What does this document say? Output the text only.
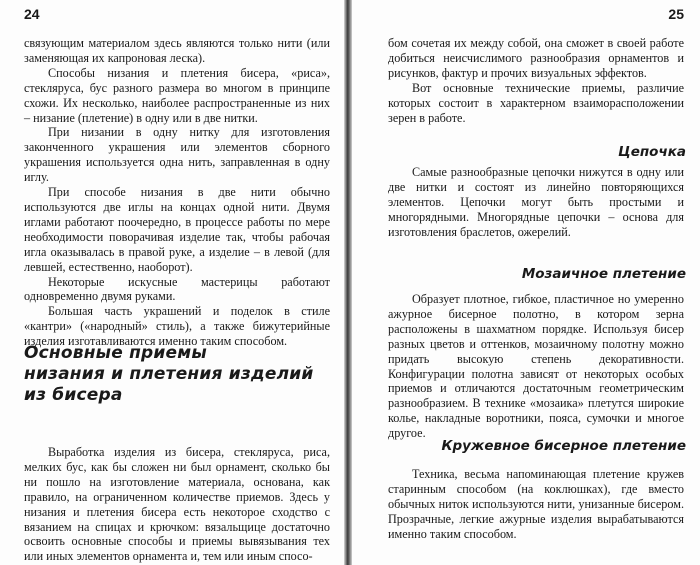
24

связующим материалом здесь являются только нити (или заменяющая их капроновая леска).

Способы низания и плетения бисера, «риса», стекляруса, бус разного размера во многом в принципе схожи. Их несколько, наиболее распространенные из них – низание (плетение) в одну или в две нитки.

При низании в одну нитку для изготовления законченного украшения или элементов сборного украшения используется одна нить, заправленная в одну иглу.

При способе низания в две нити обычно используются две иглы на концах одной нити. Двумя иглами работают поочередно, в процессе работы по мере необходимости поворачивая изделие так, чтобы рабочая игла оказывалась в правой руке, а изделие – в левой (для левшей, естественно, наоборот).

Некоторые искусные мастерицы работают одновременно двумя руками.

Большая часть украшений и поделок в стиле «кантри» («народный» стиль), а также бижутерийные изделия изготавливаются именно таким способом.

Основные приемы
низания и плетения изделий из бисера

Выработка изделия из бисера, стекляруса, риса, мелких бус, как бы сложен ни был орнамент, сколько бы ни пошло на изготовление материала, основана, как правило, на ограниченном количестве приемов. Здесь у низания и плетения бисера есть некоторое сходство с вязанием на спицах и крючком: вязальщице достаточно освоить основные способы и приемы вывязывания тех или иных элементов орнамента и, тем или иным спосо-

25

бом сочетая их между собой, она сможет в своей работе добиться неисчислимого разнообразия орнаментов и рисунков, фактур и прочих визуальных эффектов.

Вот основные технические приемы, различие которых состоит в характерном взаиморасположении зерен в работе.

Цепочка

Самые разнообразные цепочки нижутся в одну или две нитки и состоят из линейно повторяющихся элементов. Цепочки могут быть простыми и многорядными. Многорядные цепочки – основа для изготовления браслетов, ожерелий.

Мозаичное плетение

Образует плотное, гибкое, пластичное но умеренно ажурное бисерное полотно, в котором зерна расположены в шахматном порядке. Используя бисер разных цветов и оттенков, мозаичному полотну можно придать высокую степень декоративности. Конфигурации полотна зависят от некоторых особых приемов и отличаются достаточным геометрическим разнообразием. В технике «мозаика» плетутся широкие колье, накладные воротники, пояса, сумочки и многое другое.

Кружевное бисерное плетение

Техника, весьма напоминающая плетение кружев старинным способом (на коклюшках), где вместо обычных ниток используются нити, унизанные бисером. Прозрачные, легкие ажурные изделия вырабатываются именно таким способом.
